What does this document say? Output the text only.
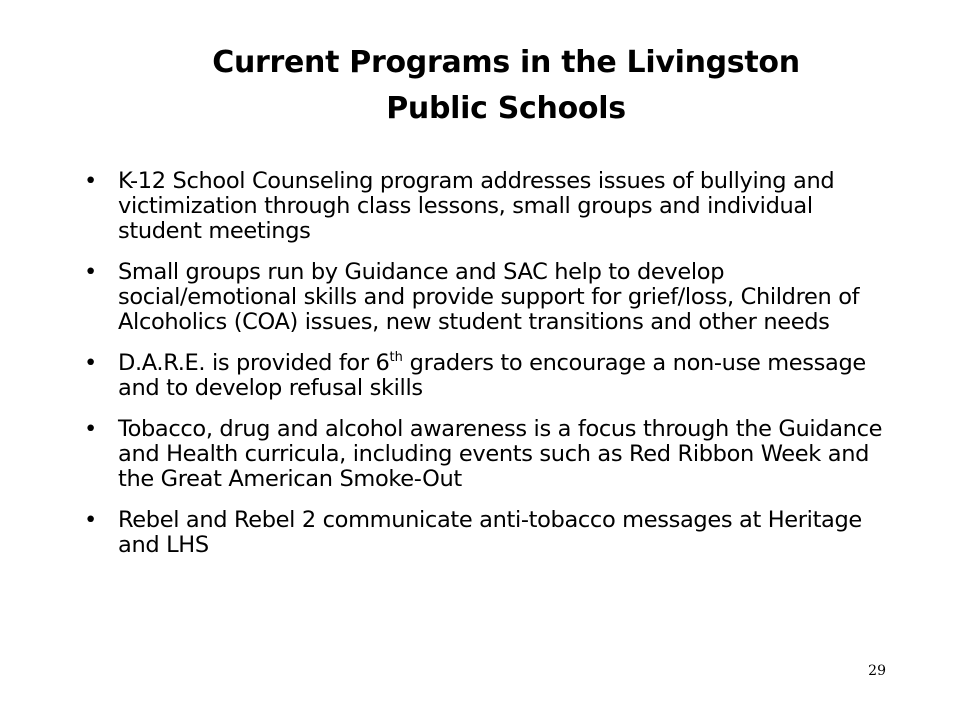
Current Programs in the Livingston
Public Schools
• K-12 School Counseling program addresses issues of bullying and victimization through class lessons, small groups and individual student meetings
• Small groups run by Guidance and SAC help to develop social/emotional skills and provide support for grief/loss, Children of Alcoholics (COA) issues, new student transitions and other needs
• D.A.R.E. is provided for 6th graders to encourage a non-use message and to develop refusal skills
• Tobacco, drug and alcohol awareness is a focus through the Guidance and Health curricula, including events such as Red Ribbon Week and the Great American Smoke-Out
• Rebel and Rebel 2 communicate anti-tobacco messages at Heritage and LHS
29
